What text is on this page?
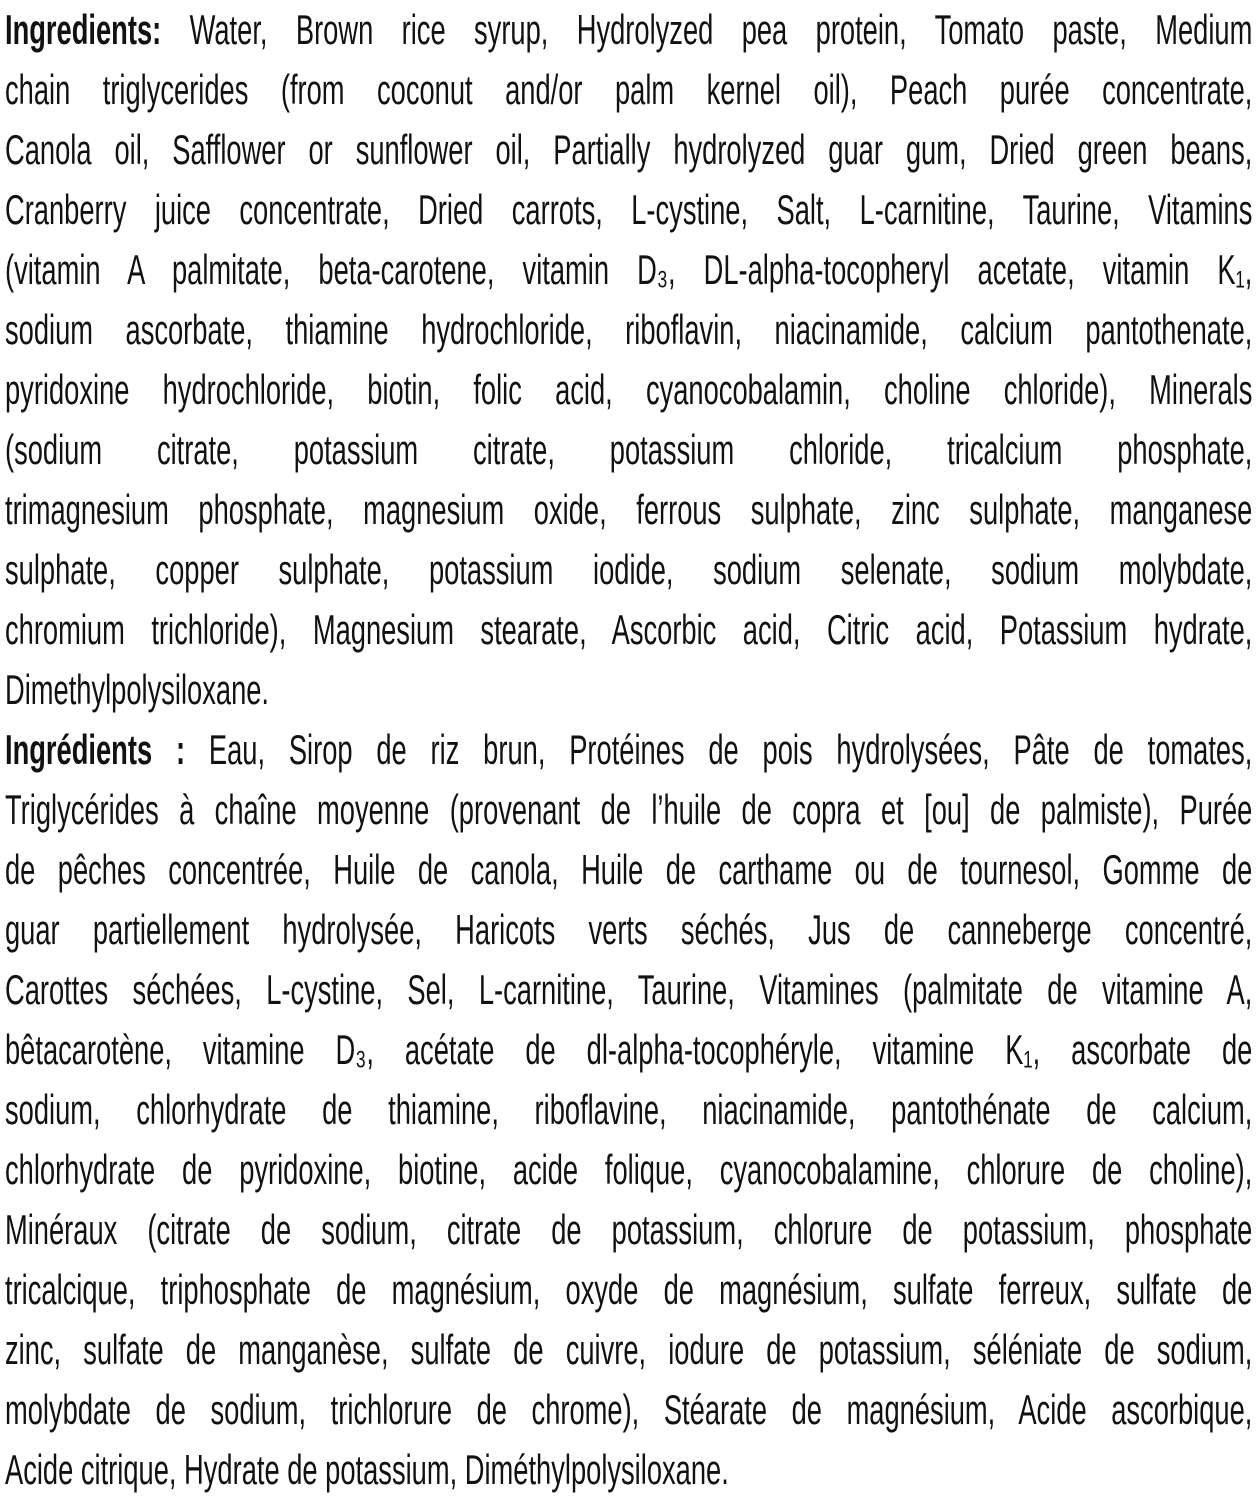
Ingredients: Water, Brown rice syrup, Hydrolyzed pea protein, Tomato paste, Medium
chain triglycerides (from coconut and/or palm kernel oil), Peach purée concentrate,
Canola oil, Safflower or sunflower oil, Partially hydrolyzed guar gum, Dried green beans,
Cranberry juice concentrate, Dried carrots, L-cystine, Salt, L-carnitine, Taurine, Vitamins
(vitamin A palmitate, beta-carotene, vitamin D₃, DL-alpha-tocopheryl acetate, vitamin K₁,
sodium ascorbate, thiamine hydrochloride, riboflavin, niacinamide, calcium pantothenate,
pyridoxine hydrochloride, biotin, folic acid, cyanocobalamin, choline chloride), Minerals
(sodium citrate, potassium citrate, potassium chloride, tricalcium phosphate,
trimagnesium phosphate, magnesium oxide, ferrous sulphate, zinc sulphate, manganese
sulphate, copper sulphate, potassium iodide, sodium selenate, sodium molybdate,
chromium trichloride), Magnesium stearate, Ascorbic acid, Citric acid, Potassium hydrate,
Dimethylpolysiloxane.

Ingrédients : Eau, Sirop de riz brun, Protéines de pois hydrolysées, Pâte de tomates,
Triglycérides à chaîne moyenne (provenant de l’huile de copra et [ou] de palmiste), Purée
de pêches concentrée, Huile de canola, Huile de carthame ou de tournesol, Gomme de
guar partiellement hydrolysée, Haricots verts séchés, Jus de canneberge concentré,
Carottes séchées, L-cystine, Sel, L-carnitine, Taurine, Vitamines (palmitate de vitamine A,
bêtacarotène, vitamine D₃, acétate de dl-alpha-tocophéryle, vitamine K₁, ascorbate de
sodium, chlorhydrate de thiamine, riboflavine, niacinamide, pantothénate de calcium,
chlorhydrate de pyridoxine, biotine, acide folique, cyanocobalamine, chlorure de choline),
Minéraux (citrate de sodium, citrate de potassium, chlorure de potassium, phosphate
tricalcique, triphosphate de magnésium, oxyde de magnésium, sulfate ferreux, sulfate de
zinc, sulfate de manganèse, sulfate de cuivre, iodure de potassium, séléniate de sodium,
molybdate de sodium, trichlorure de chrome), Stéarate de magnésium, Acide ascorbique,
Acide citrique, Hydrate de potassium, Diméthylpolysiloxane.
